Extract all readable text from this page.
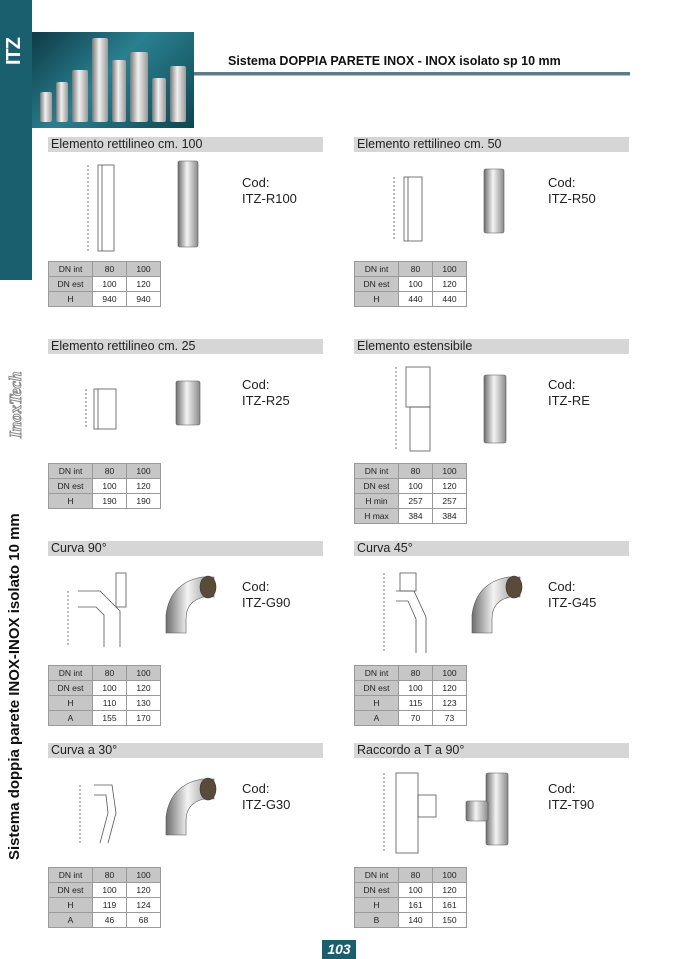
ITZ
InoxTech
Sistema doppia parete INOX-INOX isolato 10 mm
Sistema DOPPIA PARETE INOX - INOX isolato sp 10 mm
Elemento rettilineo cm. 100
Cod:
ITZ-R100
DN int	80	100
DN est	100	120
H	940	940
Elemento rettilineo cm. 50
Cod:
ITZ-R50
DN int	80	100
DN est	100	120
H	440	440
Elemento rettilineo cm. 25
Cod:
ITZ-R25
DN int	80	100
DN est	100	120
H	190	190
Elemento estensibile
Cod:
ITZ-RE
DN int	80	100
DN est	100	120
H min	257	257
H max	384	384
Curva 90°
Cod:
ITZ-G90
DN int	80	100
DN est	100	120
H	110	130
A	155	170
Curva 45°
Cod:
ITZ-G45
DN int	80	100
DN est	100	120
H	115	123
A	70	73
Curva a 30°
Cod:
ITZ-G30
DN int	80	100
DN est	100	120
H	119	124
A	46	68
Raccordo a T a 90°
Cod:
ITZ-T90
DN int	80	100
DN est	100	120
H	161	161
B	140	150
103
